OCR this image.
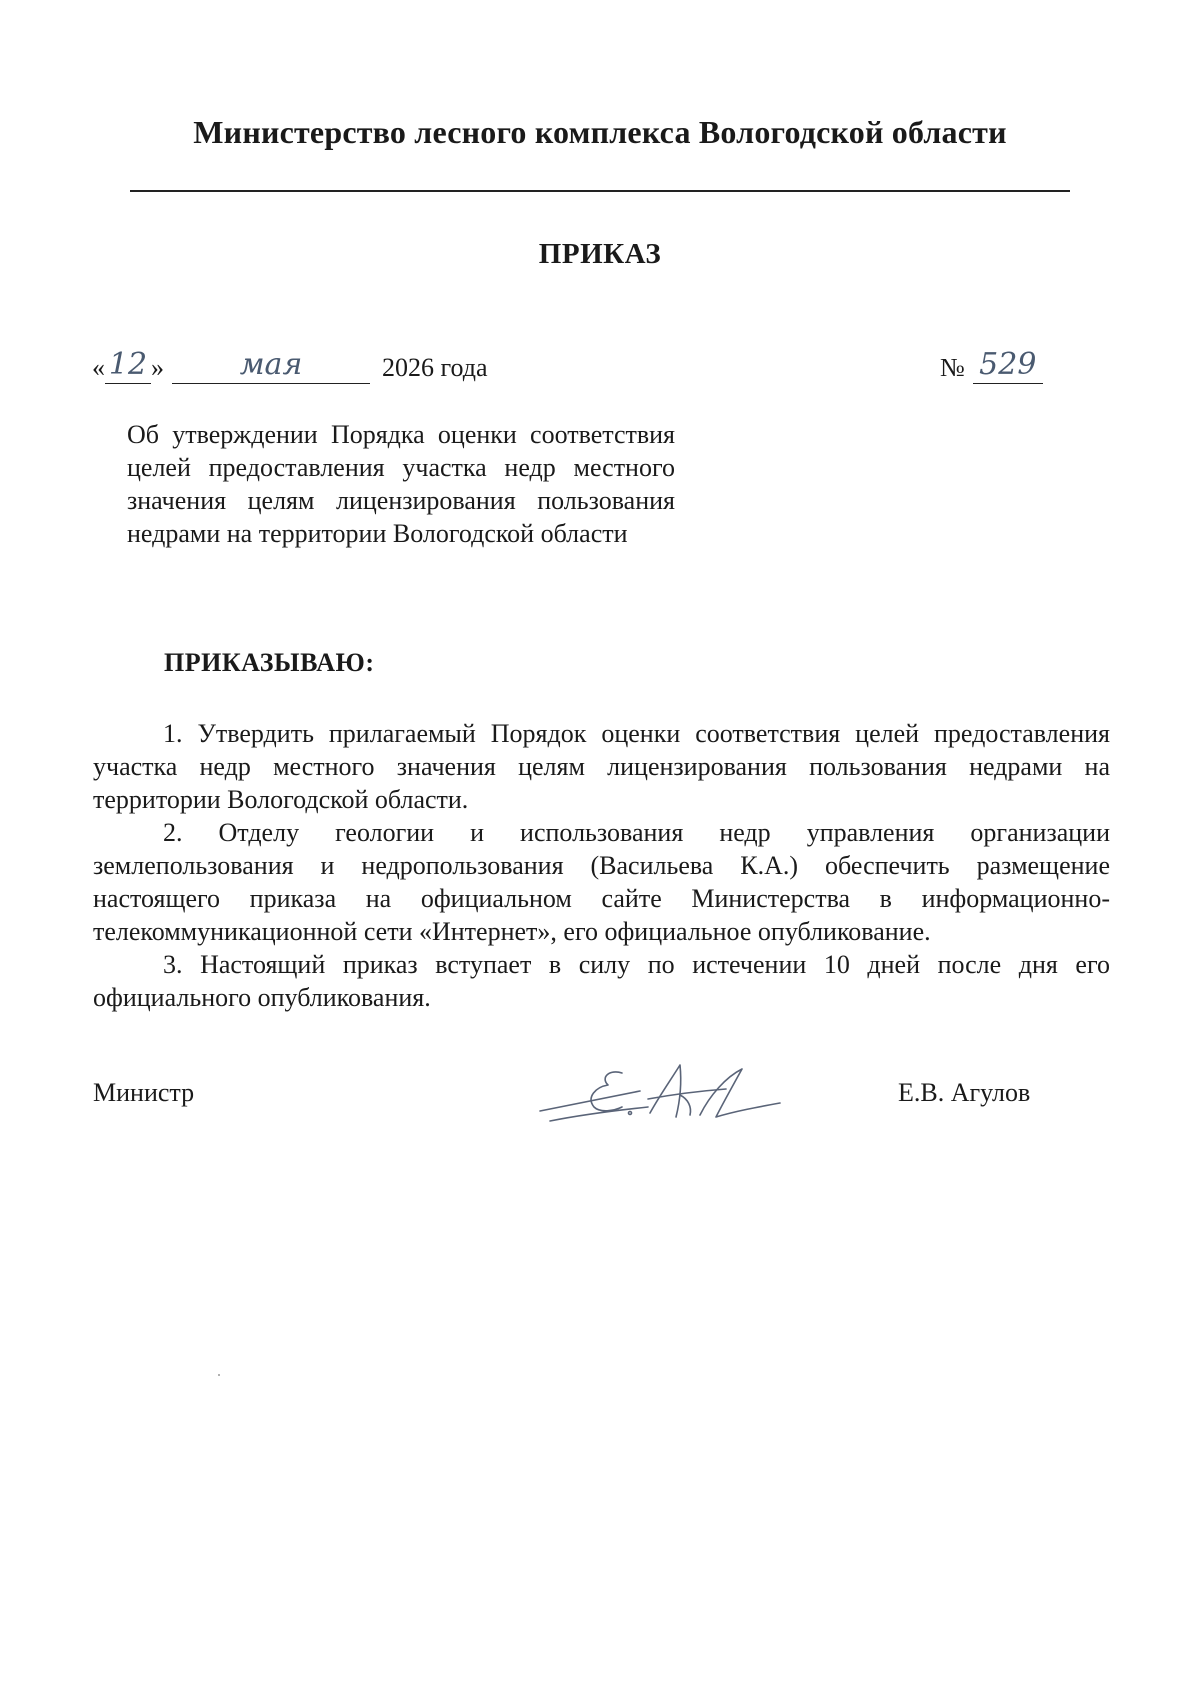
Министерство лесного комплекса Вологодской области
ПРИКАЗ
« 12 »	мая	2026 года	№ 529
Об утверждении Порядка оценки соответствия целей предоставления участка недр местного значения целям лицензирования пользования недрами на территории Вологодской области
ПРИКАЗЫВАЮ:

1. Утвердить прилагаемый Порядок оценки соответствия целей предоставления участка недр местного значения целям лицензирования пользования недрами на территории Вологодской области.

2. Отделу геологии и использования недр управления организации землепользования и недропользования (Васильева К.А.) обеспечить размещение настоящего приказа на официальном сайте Министерства в информационно-телекоммуникационной сети «Интернет», его официальное опубликование.

3. Настоящий приказ вступает в силу по истечении 10 дней после дня его официального опубликования.

Министр	Е.В. Агулов
